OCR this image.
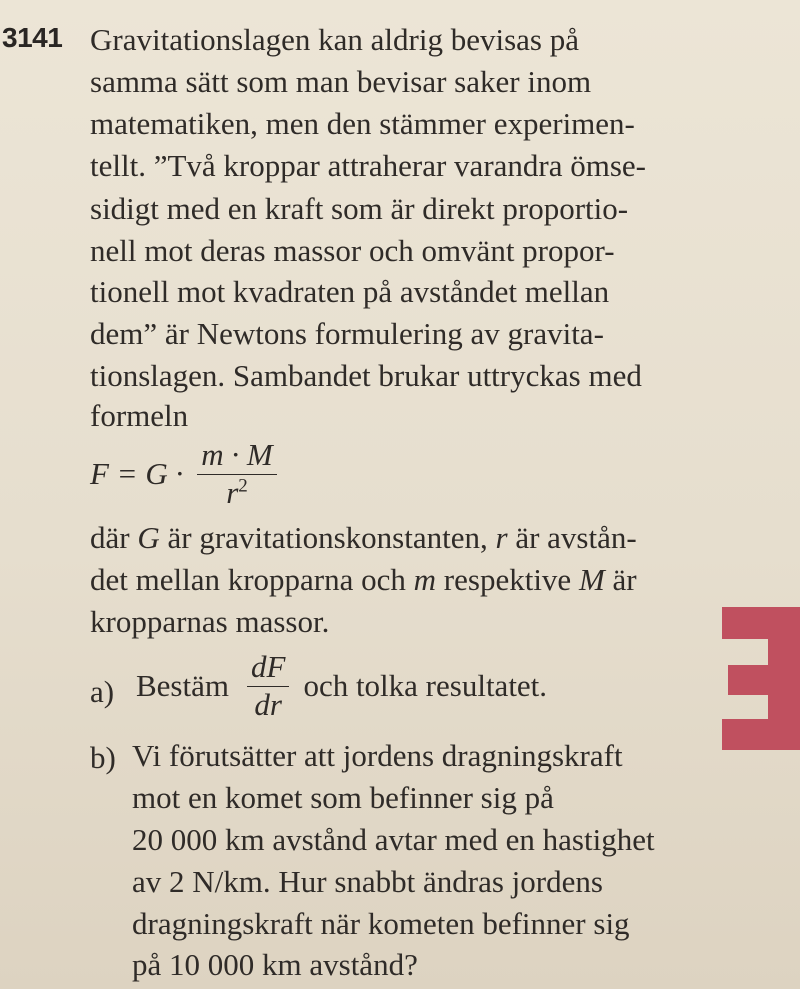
3141 Gravitationslagen kan aldrig bevisas på
samma sätt som man bevisar saker inom
matematiken, men den stämmer experimen-
tellt. ”Två kroppar attraherar varandra ömse-
sidigt med en kraft som är direkt proportio-
nell mot deras massor och omvänt propor-
tionell mot kvadraten på avståndet mellan
dem” är Newtons formulering av gravita-
tionslagen. Sambandet brukar uttryckas med
formeln
$F = G \cdot \frac{m \cdot M}{r^2}$
där G är gravitationskonstanten, r är avstån-
det mellan kropparna och m respektive M är
kropparnas massor.
a) Bestäm $\frac{dF}{dr}$ och tolka resultatet.
b) Vi förutsätter att jordens dragningskraft
mot en komet som befinner sig på
20 000 km avstånd avtar med en hastighet
av 2 N/km. Hur snabbt ändras jordens
dragningskraft när kometen befinner sig
på 10 000 km avstånd?
